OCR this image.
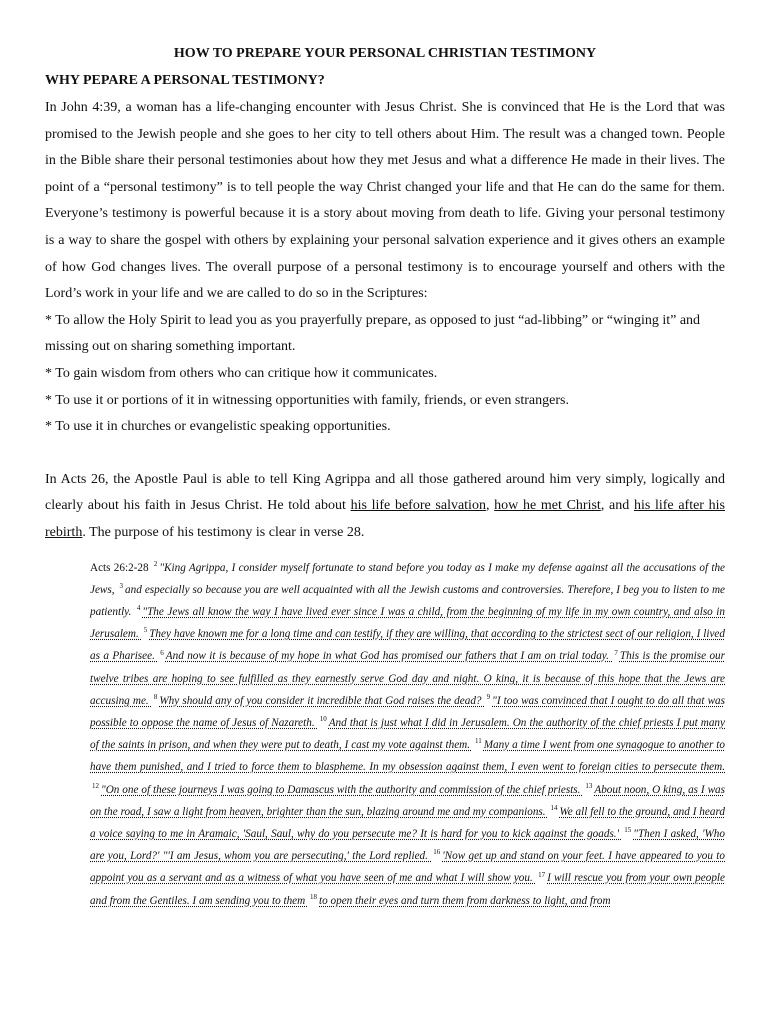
HOW TO PREPARE YOUR PERSONAL CHRISTIAN TESTIMONY

WHY PEPARE A PERSONAL TESTIMONY?

In John 4:39, a woman has a life-changing encounter with Jesus Christ. She is convinced that He is the Lord that was promised to the Jewish people and she goes to her city to tell others about Him. The result was a changed town. People in the Bible share their personal testimonies about how they met Jesus and what a difference He made in their lives. The point of a “personal testimony” is to tell people the way Christ changed your life and that He can do the same for them. Everyone’s testimony is powerful because it is a story about moving from death to life. Giving your personal testimony is a way to share the gospel with others by explaining your personal salvation experience and it gives others an example of how God changes lives. The overall purpose of a personal testimony is to encourage yourself and others with the Lord’s work in your life and we are called to do so in the Scriptures:

* To allow the Holy Spirit to lead you as you prayerfully prepare, as opposed to just “ad-libbing” or “winging it” and missing out on sharing something important.

* To gain wisdom from others who can critique how it communicates.

* To use it or portions of it in witnessing opportunities with family, friends, or even strangers.

* To use it in churches or evangelistic speaking opportunities.

In Acts 26, the Apostle Paul is able to tell King Agrippa and all those gathered around him very simply, logically and clearly about his faith in Jesus Christ. He told about his life before salvation, how he met Christ, and his life after his rebirth. The purpose of his testimony is clear in verse 28.

Acts 26:2-28 $^2$ "King Agrippa, I consider myself fortunate to stand before you today as I make my defense against all the accusations of the Jews, $^3$ and especially so because you are well acquainted with all the Jewish customs and controversies. Therefore, I beg you to listen to me patiently. $^4$ "The Jews all know the way I have lived ever since I was a child, from the beginning of my life in my own country, and also in Jerusalem. $^5$ They have known me for a long time and can testify, if they are willing, that according to the strictest sect of our religion, I lived as a Pharisee. $^6$ And now it is because of my hope in what God has promised our fathers that I am on trial today. $^7$ This is the promise our twelve tribes are hoping to see fulfilled as they earnestly serve God day and night. O king, it is because of this hope that the Jews are accusing me. $^8$ Why should any of you consider it incredible that God raises the dead? $^9$ "I too was convinced that I ought to do all that was possible to oppose the name of Jesus of Nazareth. $^{10}$ And that is just what I did in Jerusalem. On the authority of the chief priests I put many of the saints in prison, and when they were put to death, I cast my vote against them. $^{11}$ Many a time I went from one synagogue to another to have them punished, and I tried to force them to blaspheme. In my obsession against them, I even went to foreign cities to persecute them. $^{12}$ "On one of these journeys I was going to Damascus with the authority and commission of the chief priests. $^{13}$ About noon, O king, as I was on the road, I saw a light from heaven, brighter than the sun, blazing around me and my companions. $^{14}$ We all fell to the ground, and I heard a voice saying to me in Aramaic, 'Saul, Saul, why do you persecute me? It is hard for you to kick against the goads.' $^{15}$ "Then I asked, 'Who are you, Lord?' "'I am Jesus, whom you are persecuting,' the Lord replied. $^{16}$ 'Now get up and stand on your feet. I have appeared to you to appoint you as a servant and as a witness of what you have seen of me and what I will show you. $^{17}$ I will rescue you from your own people and from the Gentiles. I am sending you to them $^{18}$ to open their eyes and turn them from darkness to light, and from
